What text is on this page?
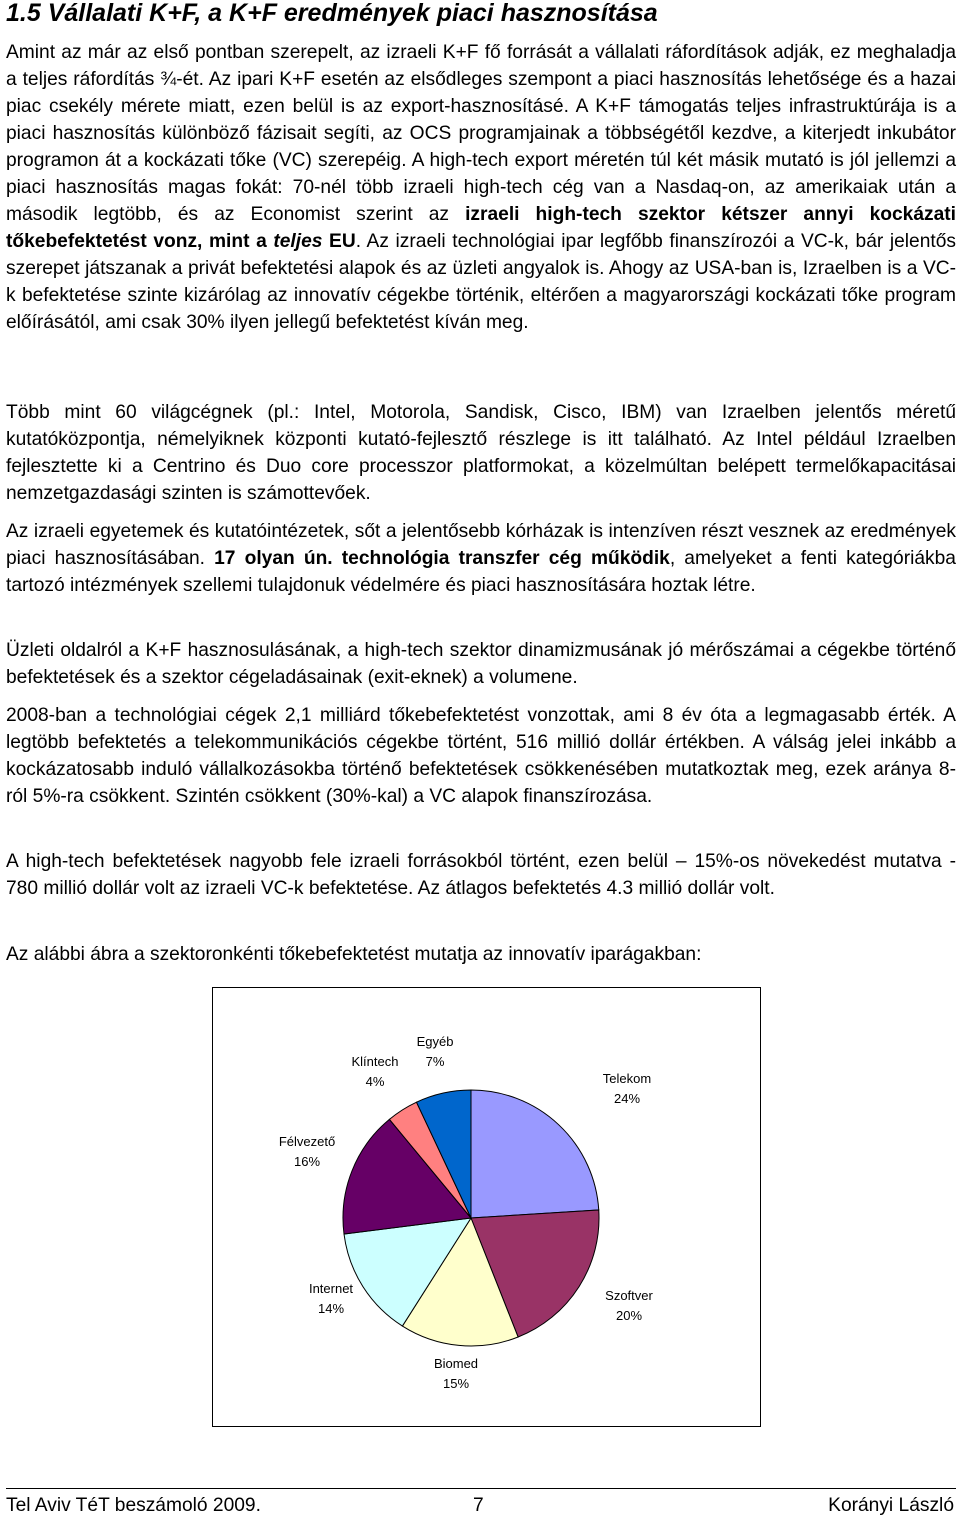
1.5 Vállalati K+F, a K+F eredmények piaci hasznosítása

Amint az már az első pontban szerepelt, az izraeli K+F fő forrását a vállalati ráfordítások adják, ez meghaladja a teljes ráfordítás ¾-ét. Az ipari K+F esetén az elsődleges szempont a piaci hasznosítás lehetősége és a hazai piac csekély mérete miatt, ezen belül is az export-hasznosításé. A K+F támogatás teljes infrastruktúrája is a piaci hasznosítás különböző fázisait segíti, az OCS programjainak a többségétől kezdve, a kiterjedt inkubátor programon át a kockázati tőke (VC) szerepéig. A high-tech export méretén túl két másik mutató is jól jellemzi a piaci hasznosítás magas fokát: 70-nél több izraeli high-tech cég van a Nasdaq-on, az amerikaiak után a második legtöbb, és az Economist szerint az izraeli high-tech szektor kétszer annyi kockázati tőkebefektetést vonz, mint a teljes EU. Az izraeli technológiai ipar legfőbb finanszírozói a VC-k, bár jelentős szerepet játszanak a privát befektetési alapok és az üzleti angyalok is. Ahogy az USA-ban is, Izraelben is a VC-k befektetése szinte kizárólag az innovatív cégekbe történik, eltérően a magyarországi kockázati tőke program előírásától, ami csak 30% ilyen jellegű befektetést kíván meg.

Több mint 60 világcégnek (pl.: Intel, Motorola, Sandisk, Cisco, IBM) van Izraelben jelentős méretű kutatóközpontja, némelyiknek központi kutató-fejlesztő részlege is itt található. Az Intel például Izraelben fejlesztette ki a Centrino és Duo core processzor platformokat, a közelmúltan belépett termelőkapacitásai nemzetgazdasági szinten is számottevőek.

Az izraeli egyetemek és kutatóintézetek, sőt a jelentősebb kórházak is intenzíven részt vesznek az eredmények piaci hasznosításában. 17 olyan ún. technológia transzfer cég működik, amelyeket a fenti kategóriákba tartozó intézmények szellemi tulajdonuk védelmére és piaci hasznosítására hoztak létre.

Üzleti oldalról a K+F hasznosulásának, a high-tech szektor dinamizmusának jó mérőszámai a cégekbe történő befektetések és a szektor cégeladásainak (exit-eknek) a volumene.

2008-ban a technológiai cégek 2,1 milliárd tőkebefektetést vonzottak, ami 8 év óta a legmagasabb érték. A legtöbb befektetés a telekommunikációs cégekbe történt, 516 millió dollár értékben. A válság jelei inkább a kockázatosabb induló vállalkozásokba történő befektetések csökkenésében mutatkoztak meg, ezek aránya 8-ról 5%-ra csökkent. Szintén csökkent (30%-kal) a VC alapok finanszírozása.

A high-tech befektetések nagyobb fele izraeli forrásokból történt, ezen belül – 15%-os növekedést mutatva - 780 millió dollár volt az izraeli VC-k befektetése. Az átlagos befektetés 4.3 millió dollár volt.

Az alábbi ábra a szektoronkénti tőkebefektetést mutatja az innovatív iparágakban:

Telekom
24%
Szoftver
20%
Biomed
15%
Internet
14%
Félvezető
16%
Klíntech
4%
Egyéb
7%
Tel Aviv TéT beszámoló 2009.	7	Korányi László
